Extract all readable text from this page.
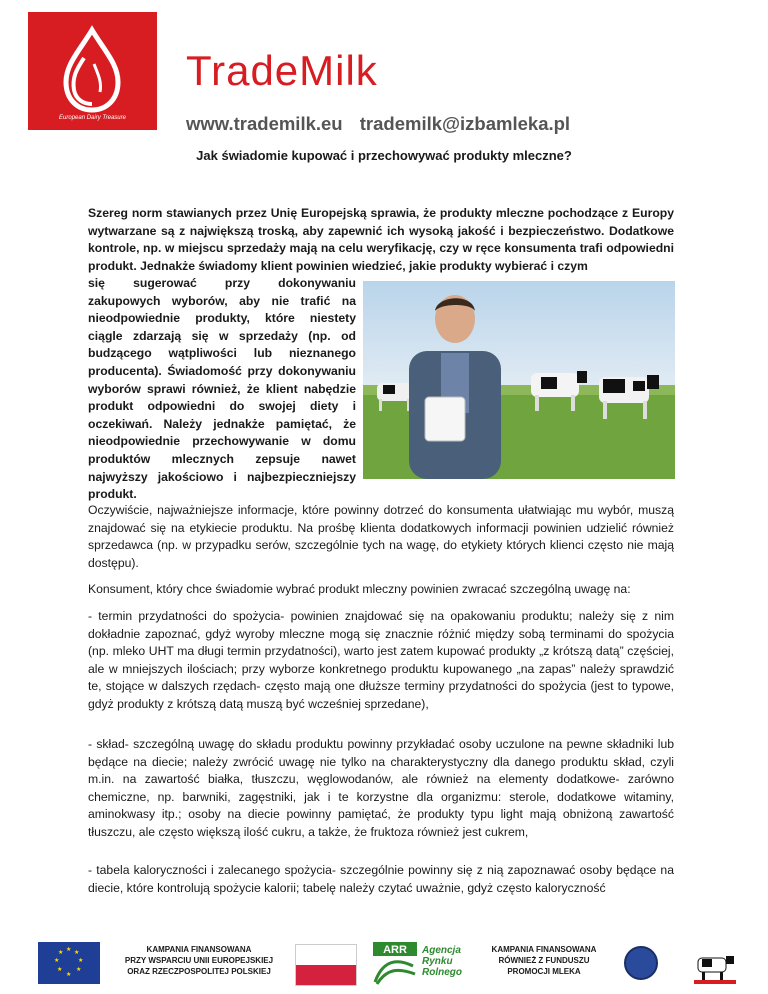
European Dairy Treasure
TradeMilk
www.trademilk.eu trademilk@izbamleka.pl
Jak świadomie kupować i przechowywać produkty mleczne?

Szereg norm stawianych przez Unię Europejską sprawia, że produkty mleczne pochodzące z Europy wytwarzane są z największą troską, aby zapewnić ich wysoką jakość i bezpieczeństwo. Dodatkowe kontrole, np. w miejscu sprzedaży mają na celu weryfikację, czy w ręce konsumenta trafi odpowiedni produkt. Jednakże świadomy klient powinien wiedzieć, jakie produkty wybierać i czym

się sugerować przy dokonywaniu zakupowych wyborów, aby nie trafić na nieodpowiednie produkty, które niestety ciągle zdarzają się w sprzedaży (np. od budzącego wątpliwości lub nieznanego producenta). Świadomość przy dokonywaniu wyborów sprawi również, że klient nabędzie produkt odpowiedni do swojej diety i oczekiwań. Należy jednakże pamiętać, że nieodpowiednie przechowywanie w domu produktów mlecznych zepsuje nawet najwyższy jakościowo i najbezpieczniejszy produkt.

Oczywiście, najważniejsze informacje, które powinny dotrzeć do konsumenta ułatwiając mu wybór, muszą znajdować się na etykiecie produktu. Na prośbę klienta dodatkowych informacji powinien udzielić również sprzedawca (np. w przypadku serów, szczególnie tych na wagę, do etykiety których klienci często nie mają dostępu).

Konsument, który chce świadomie wybrać produkt mleczny powinien zwracać szczególną uwagę na:

- termin przydatności do spożycia- powinien znajdować się na opakowaniu produktu; należy się z nim dokładnie zapoznać, gdyż wyroby mleczne mogą się znacznie różnić między sobą terminami do spożycia (np. mleko UHT ma długi termin przydatności), warto jest zatem kupować produkty „z krótszą datą” częściej, ale w mniejszych ilościach; przy wyborze konkretnego produktu kupowanego „na zapas” należy sprawdzić te, stojące w dalszych rzędach- często mają one dłuższe terminy przydatności do spożycia (jest to typowe, gdyż produkty z krótszą datą muszą być wcześniej sprzedane),

- skład- szczególną uwagę do składu produktu powinny przykładać osoby uczulone na pewne składniki lub będące na diecie; należy zwrócić uwagę nie tylko na charakterystyczny dla danego produktu skład, czyli m.in. na zawartość białka, tłuszczu, węglowodanów, ale również na elementy dodatkowe- zarówno chemiczne, np. barwniki, zagęstniki, jak i te korzystne dla organizmu: sterole, dodatkowe witaminy, aminokwasy itp.; osoby na diecie powinny pamiętać, że produkty typu light mają obniżoną zawartość tłuszczu, ale często większą ilość cukru, a także, że fruktoza również jest cukrem,

- tabela kaloryczności i zalecanego spożycia- szczególnie powinny się z nią zapoznawać osoby będące na diecie, które kontrolują spożycie kalorii; tabelę należy czytać uważnie, gdyż często kaloryczność

★ ★
★
★
★
★
★
★	KAMPANIA FINANSOWANA
PRZY WSPARCIU UNII EUROPEJSKIEJ
ORAZ RZECZPOSPOLITEJ POLSKIEJ
ARR Agencja
Rynku
Rolnego
KAMPANIA FINANSOWANA
RÓWNIEŻ Z FUNDUSZU
PROMOCJI MLEKA
